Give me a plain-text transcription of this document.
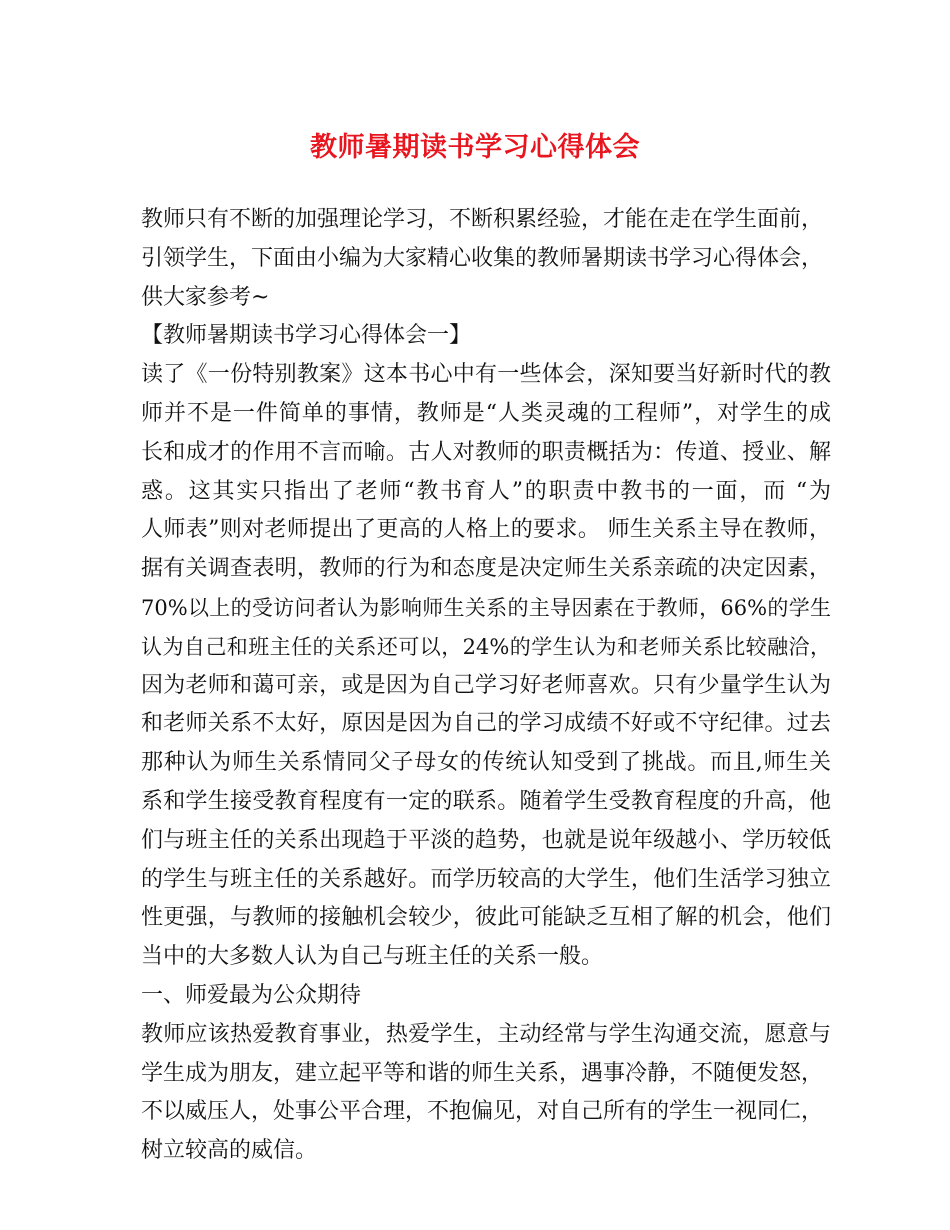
教师暑期读书学习心得体会
教师只有不断的加强理论学习，不断积累经验，才能在走在学生面前，
引领学生，下面由小编为大家精心收集的教师暑期读书学习心得体会，
供大家参考~
【教师暑期读书学习心得体会一】
读了《一份特别教案》这本书心中有一些体会，深知要当好新时代的教
师并不是一件简单的事情，教师是“人类灵魂的工程师”，对学生的成
长和成才的作用不言而喻。古人对教师的职责概括为：传道、授业、解
惑。这其实只指出了老师“教书育人”的职责中教书的一面，而 “为
人师表”则对老师提出了更高的人格上的要求。 师生关系主导在教师，
据有关调查表明，教师的行为和态度是决定师生关系亲疏的决定因素，
70%以上的受访问者认为影响师生关系的主导因素在于教师，66%的学生
认为自己和班主任的关系还可以，24%的学生认为和老师关系比较融洽，
因为老师和蔼可亲，或是因为自己学习好老师喜欢。只有少量学生认为
和老师关系不太好，原因是因为自己的学习成绩不好或不守纪律。过去
那种认为师生关系情同父子母女的传统认知受到了挑战。而且,师生关
系和学生接受教育程度有一定的联系。随着学生受教育程度的升高，他
们与班主任的关系出现趋于平淡的趋势，也就是说年级越小、学历较低
的学生与班主任的关系越好。而学历较高的大学生，他们生活学习独立
性更强，与教师的接触机会较少，彼此可能缺乏互相了解的机会，他们
当中的大多数人认为自己与班主任的关系一般。
一、师爱最为公众期待
教师应该热爱教育事业，热爱学生，主动经常与学生沟通交流，愿意与
学生成为朋友，建立起平等和谐的师生关系，遇事冷静，不随便发怒，
不以威压人，处事公平合理，不抱偏见，对自己所有的学生一视同仁，
树立较高的威信。
